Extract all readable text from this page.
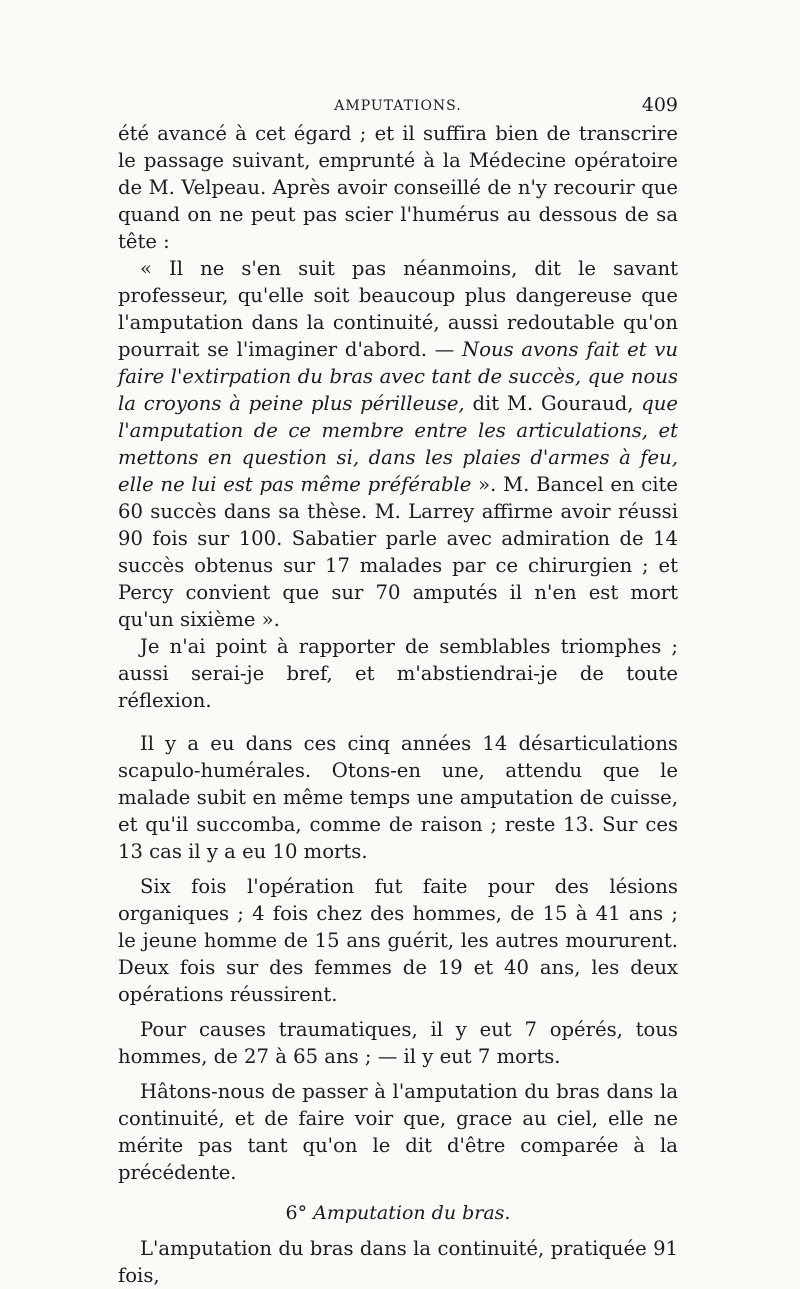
AMPUTATIONS.	409

été avancé à cet égard ; et il suffira bien de transcrire le passage suivant, emprunté à la Médecine opératoire de M. Velpeau. Après avoir conseillé de n'y recourir que quand on ne peut pas scier l'humérus au dessous de sa tête :

« Il ne s'en suit pas néanmoins, dit le savant professeur, qu'elle soit beaucoup plus dangereuse que l'amputation dans la continuité, aussi redoutable qu'on pourrait se l'imaginer d'abord. — Nous avons fait et vu faire l'extirpation du bras avec tant de succès, que nous la croyons à peine plus périlleuse, dit M. Gouraud, que l'amputation de ce membre entre les articulations, et mettons en question si, dans les plaies d'armes à feu, elle ne lui est pas même préférable ». M. Bancel en cite 60 succès dans sa thèse. M. Larrey affirme avoir réussi 90 fois sur 100. Sabatier parle avec admiration de 14 succès obtenus sur 17 malades par ce chirurgien ; et Percy convient que sur 70 amputés il n'en est mort qu'un sixième ».

Je n'ai point à rapporter de semblables triomphes ; aussi serai-je bref, et m'abstiendrai-je de toute réflexion.

Il y a eu dans ces cinq années 14 désarticulations scapulo-humérales. Otons-en une, attendu que le malade subit en même temps une amputation de cuisse, et qu'il succomba, comme de raison ; reste 13. Sur ces 13 cas il y a eu 10 morts.

Six fois l'opération fut faite pour des lésions organiques ; 4 fois chez des hommes, de 15 à 41 ans ; le jeune homme de 15 ans guérit, les autres moururent. Deux fois sur des femmes de 19 et 40 ans, les deux opérations réussirent.

Pour causes traumatiques, il y eut 7 opérés, tous hommes, de 27 à 65 ans ; — il y eut 7 morts.

Hâtons-nous de passer à l'amputation du bras dans la continuité, et de faire voir que, grace au ciel, elle ne mérite pas tant qu'on le dit d'être comparée à la précédente.

6° Amputation du bras.

L'amputation du bras dans la continuité, pratiquée 91 fois,
